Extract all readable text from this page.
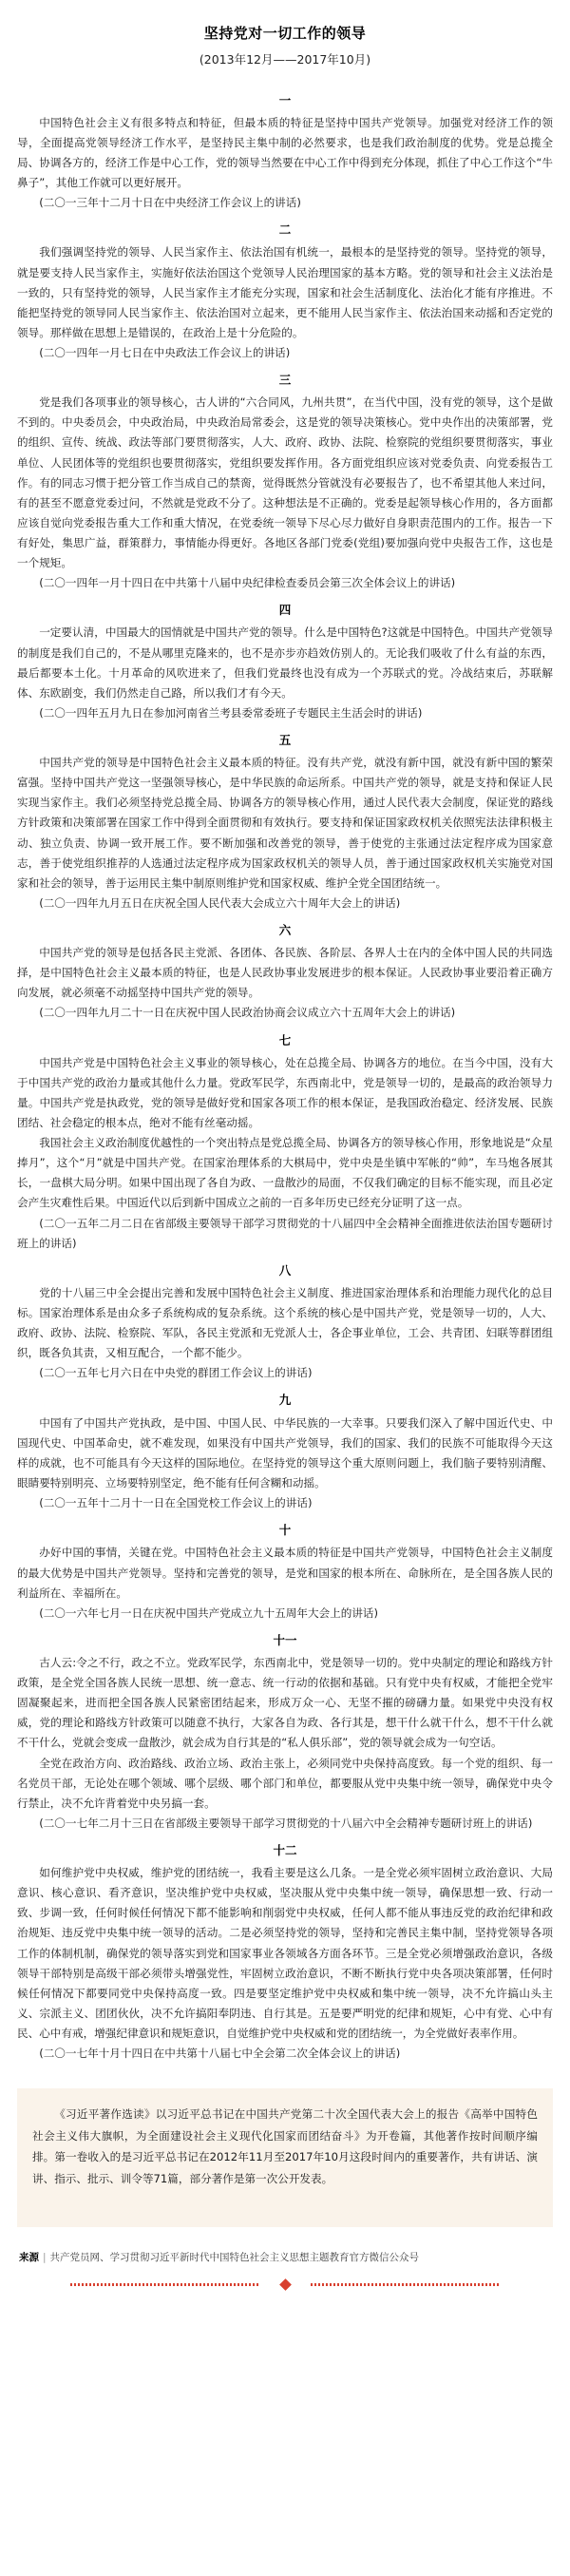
坚持党对一切工作的领导
(2013年12月——2017年10月)
一

中国特色社会主义有很多特点和特征，但最本质的特征是坚持中国共产党领导。加强党对经济工作的领导，全面提高党领导经济工作水平，是坚持民主集中制的必然要求，也是我们政治制度的优势。党是总揽全局、协调各方的，经济工作是中心工作，党的领导当然要在中心工作中得到充分体现，抓住了中心工作这个“牛鼻子”，其他工作就可以更好展开。

(二〇一三年十二月十日在中央经济工作会议上的讲话)

二

我们强调坚持党的领导、人民当家作主、依法治国有机统一，最根本的是坚持党的领导。坚持党的领导，就是要支持人民当家作主，实施好依法治国这个党领导人民治理国家的基本方略。党的领导和社会主义法治是一致的，只有坚持党的领导，人民当家作主才能充分实现，国家和社会生活制度化、法治化才能有序推进。不能把坚持党的领导同人民当家作主、依法治国对立起来，更不能用人民当家作主、依法治国来动摇和否定党的领导。那样做在思想上是错误的，在政治上是十分危险的。

(二〇一四年一月七日在中央政法工作会议上的讲话)

三

党是我们各项事业的领导核心，古人讲的“六合同风，九州共贯”，在当代中国，没有党的领导，这个是做不到的。中央委员会，中央政治局，中央政治局常委会，这是党的领导决策核心。党中央作出的决策部署，党的组织、宣传、统战、政法等部门要贯彻落实，人大、政府、政协、法院、检察院的党组织要贯彻落实，事业单位、人民团体等的党组织也要贯彻落实，党组织要发挥作用。各方面党组织应该对党委负责、向党委报告工作。有的同志习惯于把分管工作当成自己的禁脔，觉得既然分管就没有必要报告了，也不希望其他人来过问，有的甚至不愿意党委过问，不然就是党政不分了。这种想法是不正确的。党委是起领导核心作用的，各方面都应该自觉向党委报告重大工作和重大情况，在党委统一领导下尽心尽力做好自身职责范围内的工作。报告一下有好处，集思广益，群策群力，事情能办得更好。各地区各部门党委(党组)要加强向党中央报告工作，这也是一个规矩。

(二〇一四年一月十四日在中共第十八届中央纪律检查委员会第三次全体会议上的讲话)

四

一定要认清，中国最大的国情就是中国共产党的领导。什么是中国特色?这就是中国特色。中国共产党领导的制度是我们自己的，不是从哪里克隆来的，也不是亦步亦趋效仿别人的。无论我们吸收了什么有益的东西，最后都要本土化。十月革命的风吹进来了，但我们党最终也没有成为一个苏联式的党。冷战结束后，苏联解体、东欧剧变，我们仍然走自己路，所以我们才有今天。

(二〇一四年五月九日在参加河南省兰考县委常委班子专题民主生活会时的讲话)

五

中国共产党的领导是中国特色社会主义最本质的特征。没有共产党，就没有新中国，就没有新中国的繁荣富强。坚持中国共产党这一坚强领导核心，是中华民族的命运所系。中国共产党的领导，就是支持和保证人民实现当家作主。我们必须坚持党总揽全局、协调各方的领导核心作用，通过人民代表大会制度，保证党的路线方针政策和决策部署在国家工作中得到全面贯彻和有效执行。要支持和保证国家政权机关依照宪法法律积极主动、独立负责、协调一致开展工作。要不断加强和改善党的领导，善于使党的主张通过法定程序成为国家意志，善于使党组织推荐的人选通过法定程序成为国家政权机关的领导人员，善于通过国家政权机关实施党对国家和社会的领导，善于运用民主集中制原则维护党和国家权威、维护全党全国团结统一。

(二〇一四年九月五日在庆祝全国人民代表大会成立六十周年大会上的讲话)

六

中国共产党的领导是包括各民主党派、各团体、各民族、各阶层、各界人士在内的全体中国人民的共同选择，是中国特色社会主义最本质的特征，也是人民政协事业发展进步的根本保证。人民政协事业要沿着正确方向发展，就必须毫不动摇坚持中国共产党的领导。

(二〇一四年九月二十一日在庆祝中国人民政治协商会议成立六十五周年大会上的讲话)

七

中国共产党是中国特色社会主义事业的领导核心，处在总揽全局、协调各方的地位。在当今中国，没有大于中国共产党的政治力量或其他什么力量。党政军民学，东西南北中，党是领导一切的，是最高的政治领导力量。中国共产党是执政党，党的领导是做好党和国家各项工作的根本保证，是我国政治稳定、经济发展、民族团结、社会稳定的根本点，绝对不能有丝毫动摇。

我国社会主义政治制度优越性的一个突出特点是党总揽全局、协调各方的领导核心作用，形象地说是“众星捧月”，这个“月”就是中国共产党。在国家治理体系的大棋局中，党中央是坐镇中军帐的“帅”，车马炮各展其长，一盘棋大局分明。如果中国出现了各自为政、一盘散沙的局面，不仅我们确定的目标不能实现，而且必定会产生灾难性后果。中国近代以后到新中国成立之前的一百多年历史已经充分证明了这一点。

(二〇一五年二月二日在省部级主要领导干部学习贯彻党的十八届四中全会精神全面推进依法治国专题研讨班上的讲话)

八

党的十八届三中全会提出完善和发展中国特色社会主义制度、推进国家治理体系和治理能力现代化的总目标。国家治理体系是由众多子系统构成的复杂系统。这个系统的核心是中国共产党，党是领导一切的，人大、政府、政协、法院、检察院、军队，各民主党派和无党派人士，各企事业单位，工会、共青团、妇联等群团组织，既各负其责，又相互配合，一个都不能少。

(二〇一五年七月六日在中央党的群团工作会议上的讲话)

九

中国有了中国共产党执政，是中国、中国人民、中华民族的一大幸事。只要我们深入了解中国近代史、中国现代史、中国革命史，就不难发现，如果没有中国共产党领导，我们的国家、我们的民族不可能取得今天这样的成就，也不可能具有今天这样的国际地位。在坚持党的领导这个重大原则问题上，我们脑子要特别清醒、眼睛要特别明亮、立场要特别坚定，绝不能有任何含糊和动摇。

(二〇一五年十二月十一日在全国党校工作会议上的讲话)

十

办好中国的事情，关键在党。中国特色社会主义最本质的特征是中国共产党领导，中国特色社会主义制度的最大优势是中国共产党领导。坚持和完善党的领导，是党和国家的根本所在、命脉所在，是全国各族人民的利益所在、幸福所在。

(二〇一六年七月一日在庆祝中国共产党成立九十五周年大会上的讲话)

十一

古人云:令之不行，政之不立。党政军民学，东西南北中，党是领导一切的。党中央制定的理论和路线方针政策，是全党全国各族人民统一思想、统一意志、统一行动的依据和基础。只有党中央有权威，才能把全党牢固凝聚起来，进而把全国各族人民紧密团结起来，形成万众一心、无坚不摧的磅礴力量。如果党中央没有权威，党的理论和路线方针政策可以随意不执行，大家各自为政、各行其是，想干什么就干什么，想不干什么就不干什么，党就会变成一盘散沙，就会成为自行其是的“私人俱乐部”，党的领导就会成为一句空话。

全党在政治方向、政治路线、政治立场、政治主张上，必须同党中央保持高度致。每一个党的组织、每一名党员干部，无论处在哪个领域、哪个层级、哪个部门和单位，都要服从党中央集中统一领导，确保党中央令行禁止，决不允许背着党中央另搞一套。

(二〇一七年二月十三日在省部级主要领导干部学习贯彻党的十八届六中全会精神专题研讨班上的讲话)

十二

如何维护党中央权威，维护党的团结统一，我看主要是这么几条。一是全党必须牢固树立政治意识、大局意识、核心意识、看齐意识，坚决维护党中央权威，坚决服从党中央集中统一领导，确保思想一致、行动一致、步调一致，任何时候任何情况下都不能影响和削弱党中央权威，任何人都不能从事违反党的政治纪律和政治规矩、违反党中央集中统一领导的活动。二是必须坚持党的领导，坚持和完善民主集中制，坚持党领导各项工作的体制机制，确保党的领导落实到党和国家事业各领域各方面各环节。三是全党必须增强政治意识，各级领导干部特别是高级干部必须带头增强党性，牢固树立政治意识，不断不断执行党中央各项决策部署，任何时候任何情况下都要同党中央保持高度一致。四是要坚定维护党中央权威和集中统一领导，决不允许搞山头主义、宗派主义、团团伙伙，决不允许搞阳奉阴违、自行其是。五是要严明党的纪律和规矩，心中有党、心中有民、心中有戒，增强纪律意识和规矩意识，自觉维护党中央权威和党的团结统一，为全党做好表率作用。

(二〇一七年十月十四日在中共第十八届七中全会第二次全体会议上的讲话)

《习近平著作选读》以习近平总书记在中国共产党第二十次全国代表大会上的报告《高举中国特色社会主义伟大旗帜，为全面建设社会主义现代化国家而团结奋斗》为开卷篇，其他著作按时间顺序编排。第一卷收入的是习近平总书记在2012年11月至2017年10月这段时间内的重要著作，共有讲话、演讲、指示、批示、训令等71篇，部分著作是第一次公开发表。

来源 | 共产党员网、学习贯彻习近平新时代中国特色社会主义思想主题教育官方微信公众号
